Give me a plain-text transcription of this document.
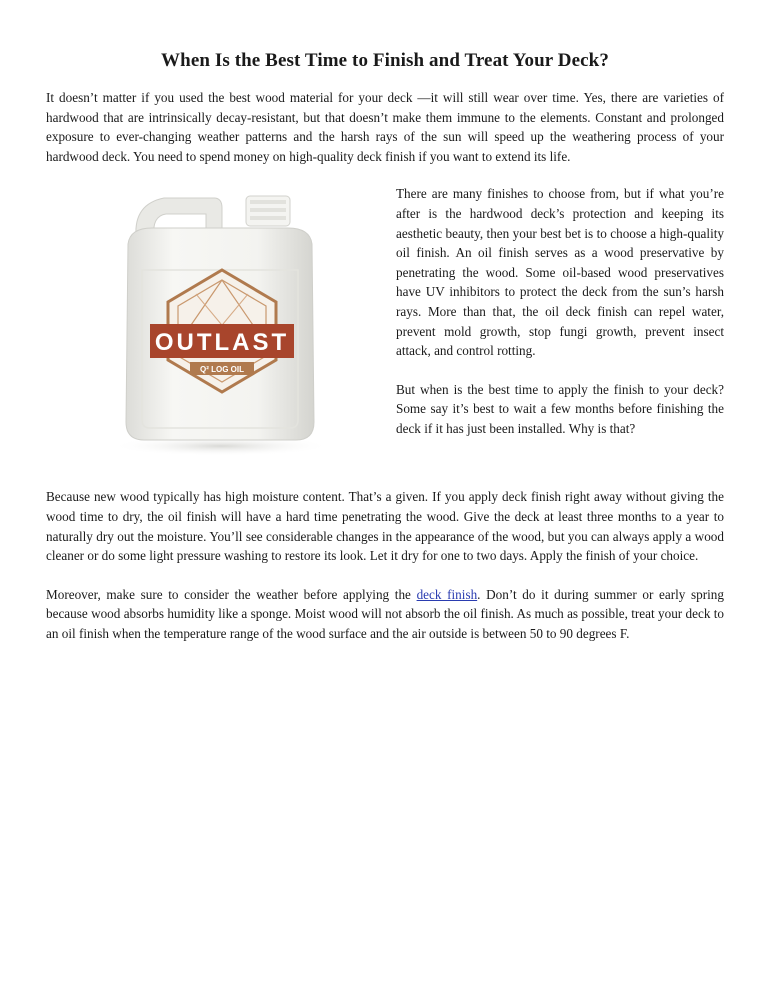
When Is the Best Time to Finish and Treat Your Deck?

It doesn’t matter if you used the best wood material for your deck —it will still wear over time. Yes, there are varieties of hardwood that are intrinsically decay-resistant, but that doesn’t make them immune to the elements. Constant and prolonged exposure to ever-changing weather patterns and the harsh rays of the sun will speed up the weathering process of your hardwood deck. You need to spend money on high-quality deck finish if you want to extend its life.

OUTLAST
Q² LOG OIL

There are many finishes to choose from, but if what you’re after is the hardwood deck’s protection and keeping its aesthetic beauty, then your best bet is to choose a high-quality oil finish. An oil finish serves as a wood preservative by penetrating the wood. Some oil-based wood preservatives have UV inhibitors to protect the deck from the sun’s harsh rays. More than that, the oil deck finish can repel water, prevent mold growth, stop fungi growth, prevent insect attack, and control rotting.

But when is the best time to apply the finish to your deck? Some say it’s best to wait a few months before finishing the deck if it has just been installed. Why is that?

Because new wood typically has high moisture content. That’s a given. If you apply deck finish right away without giving the wood time to dry, the oil finish will have a hard time penetrating the wood. Give the deck at least three months to a year to naturally dry out the moisture. You’ll see considerable changes in the appearance of the wood, but you can always apply a wood cleaner or do some light pressure washing to restore its look. Let it dry for one to two days. Apply the finish of your choice.

Moreover, make sure to consider the weather before applying the deck finish. Don’t do it during summer or early spring because wood absorbs humidity like a sponge. Moist wood will not absorb the oil finish. As much as possible, treat your deck to an oil finish when the temperature range of the wood surface and the air outside is between 50 to 90 degrees F.
